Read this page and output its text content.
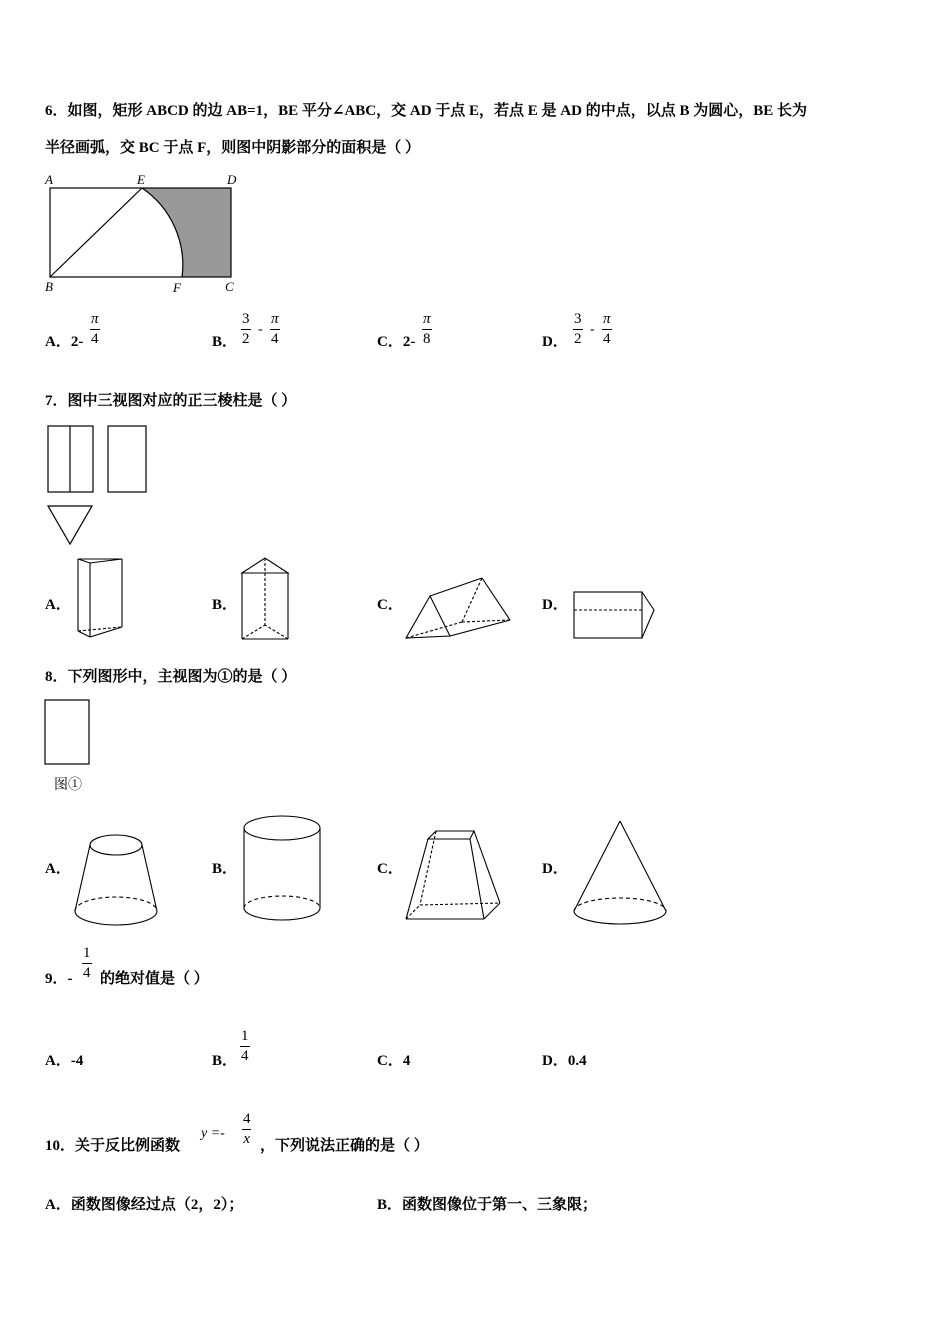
6．如图，矩形 ABCD 的边 AB=1，BE 平分∠ABC，交 AD 于点 E，若点 E 是 AD 的中点，以点 B 为圆心，BE 长为
半径画弧，交 BC 于点 F，则图中阴影部分的面积是（ ）
A	E	D
B	F	C
A．$2- \frac{\pi}{4}$	B． $\frac{3}{2} - \frac{\pi}{4}$	C．$2- \frac{\pi}{8}$	D． $\frac{3}{2} - \frac{\pi}{4}$
7．图中三视图对应的正三棱柱是（ ）
A．	B．	C．	D．
8．下列图形中，主视图为①的是（ ）
图①
A．	B．	C．	D．
9．- $\frac{1}{4}$ 的绝对值是（ ）
A．-4	B． $\frac{1}{4}$	C．4	D．0.4
10．关于反比例函数
$y =- \frac{4}{x}$ ，下列说法正确的是（ ）
A．函数图像经过点（2，2）；	B．函数图像位于第一、三象限；
